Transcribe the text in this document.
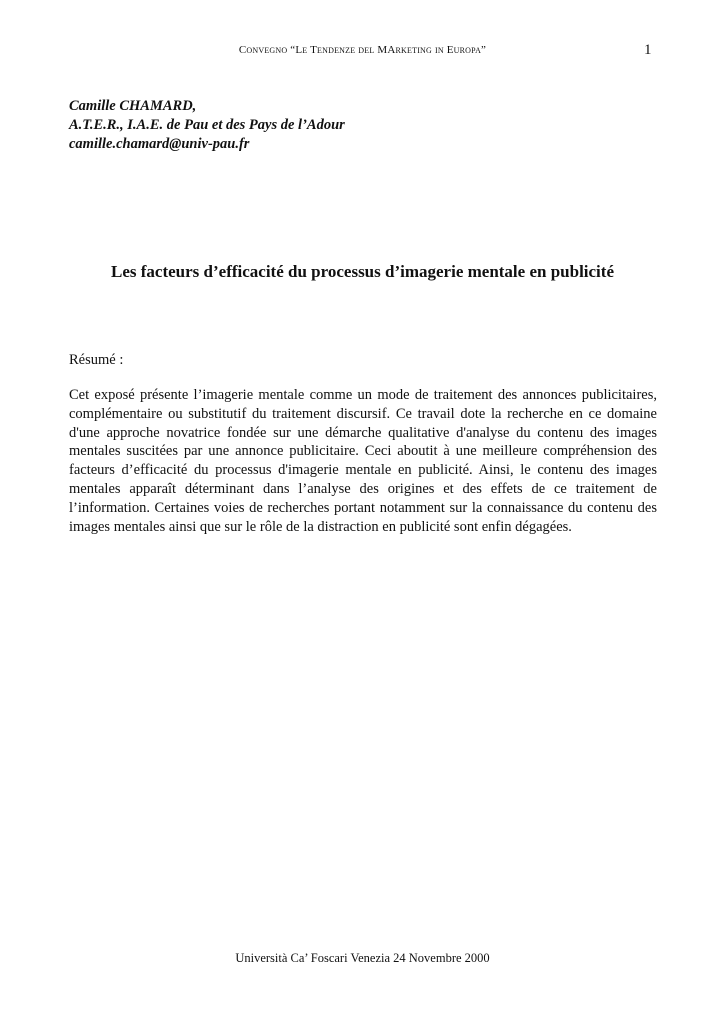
Convegno “Le Tendenze del MArketing in Europa”	1
Camille CHAMARD,
A.T.E.R., I.A.E. de Pau et des Pays de l’Adour
camille.chamard@univ-pau.fr
Les facteurs d’efficacité du processus d’imagerie mentale en publicité
Résumé :

Cet exposé présente l’imagerie mentale comme un mode de traitement des annonces publicitaires, complémentaire ou substitutif du traitement discursif. Ce travail dote la recherche en ce domaine d'une approche novatrice fondée sur une démarche qualitative d'analyse du contenu des images mentales suscitées par une annonce publicitaire. Ceci aboutit à une meilleure compréhension des facteurs d’efficacité du processus d'imagerie mentale en publicité. Ainsi, le contenu des images mentales apparaît déterminant dans l’analyse des origines et des effets de ce traitement de l’information. Certaines voies de recherches portant notamment sur la connaissance du contenu des images mentales ainsi que sur le rôle de la distraction en publicité sont enfin dégagées.

Università Ca’ Foscari Venezia 24 Novembre 2000
